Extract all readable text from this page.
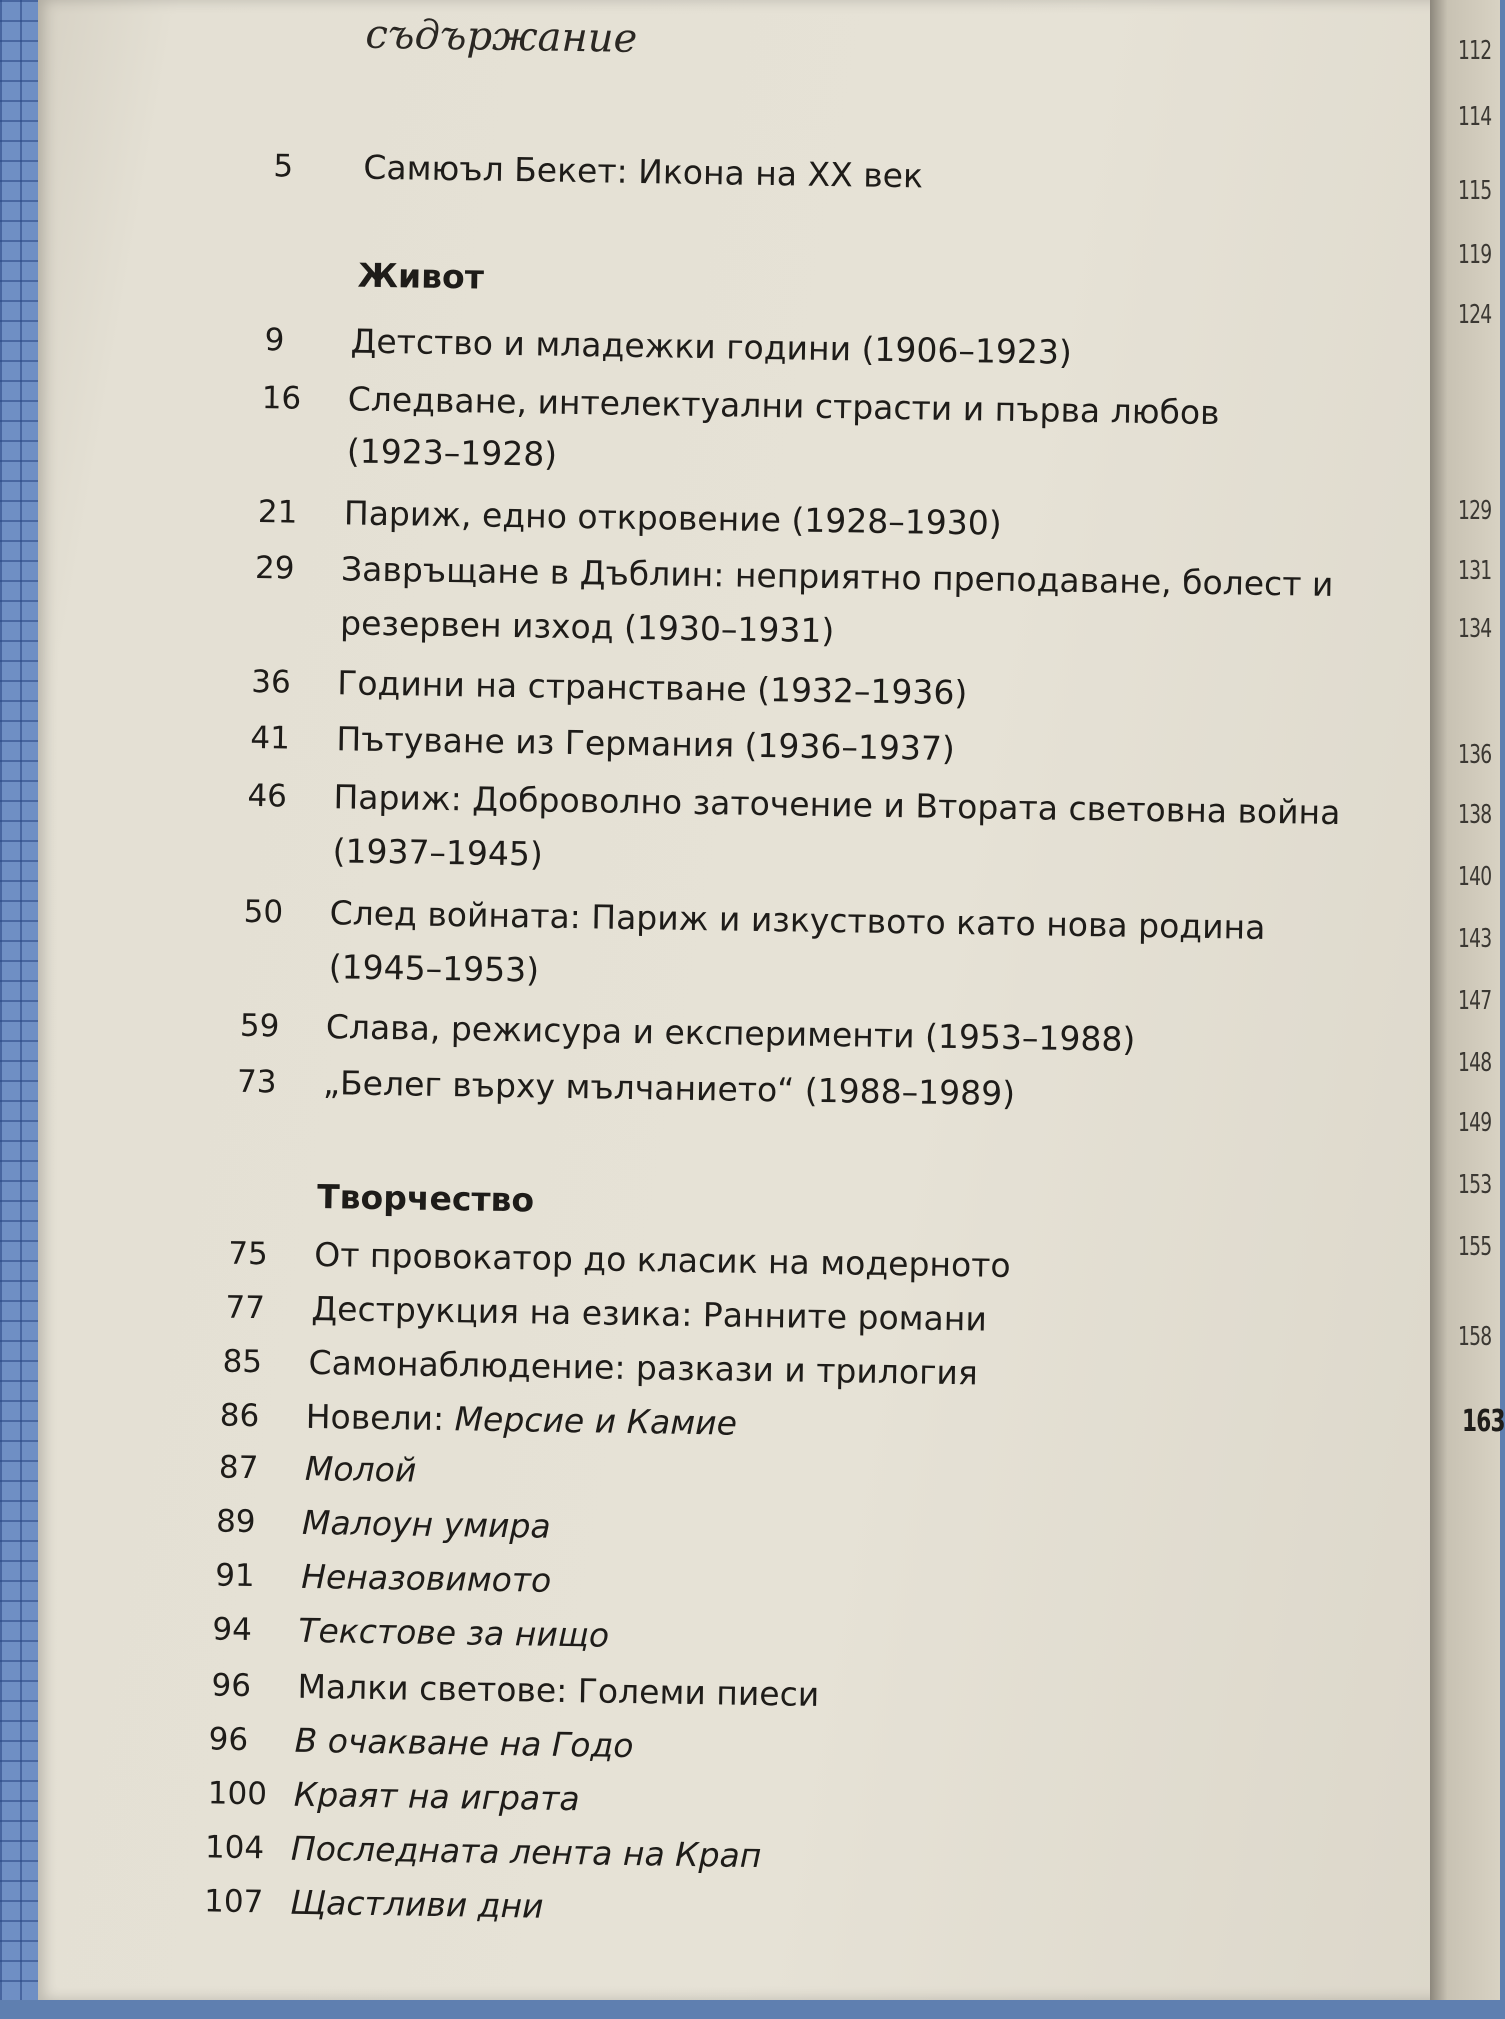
112
114
115
119
124
129
131
134
136
138
140
143
147
148
149
153
155
158
163
съдържание
5	Самюъл Бекет: Икона на XX век
Живот
9	Детство и младежки години (1906–1923)
16	Следване, интелектуални страсти и първа любов
(1923–1928)
21	Париж, едно откровение (1928–1930)
29	Завръщане в Дъблин: неприятно преподаване, болест и
резервен изход (1930–1931)
36	Години на странстване (1932–1936)
41	Пътуване из Германия (1936–1937)
46	Париж: Доброволно заточение и Втората световна война
(1937–1945)
50	След войната: Париж и изкуството като нова родина
(1945–1953)
59	Слава, режисура и експерименти (1953–1988)
73	„Белег върху мълчанието“ (1988–1989)
Творчество
75	От провокатор до класик на модерното
77	Деструкция на езика: Ранните романи
85	Самонаблюдение: разкази и трилогия
86	Новели: Мерсие и Камие
87	Молой
89	Малоун умира
91	Неназовимото
94	Текстове за нищо
96	Малки светове: Големи пиеси
96	В очакване на Годо
100 Краят на играта
104 Последната лента на Крап
107 Щастливи дни
